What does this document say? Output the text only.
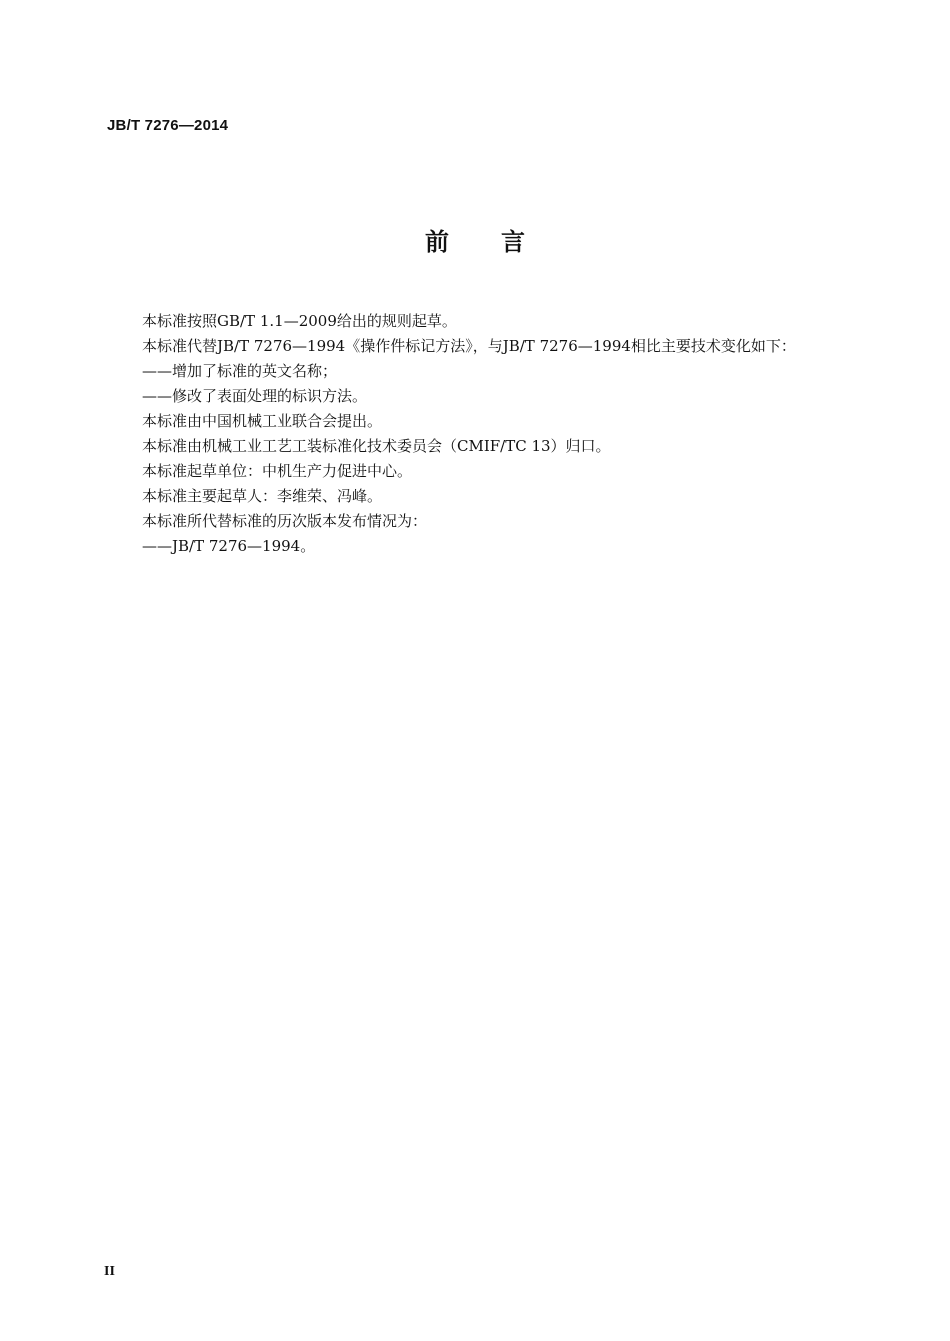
JB/T 7276—2014
前言
本标准按照GB/T 1.1—2009给出的规则起草。
本标准代替JB/T 7276—1994《操作件标记方法》，与JB/T 7276—1994相比主要技术变化如下：
——增加了标准的英文名称；
——修改了表面处理的标识方法。
本标准由中国机械工业联合会提出。
本标准由机械工业工艺工装标准化技术委员会（CMIF/TC 13）归口。
本标准起草单位：中机生产力促进中心。
本标准主要起草人：李维荣、冯峰。
本标准所代替标准的历次版本发布情况为：
——JB/T 7276—1994。
II
